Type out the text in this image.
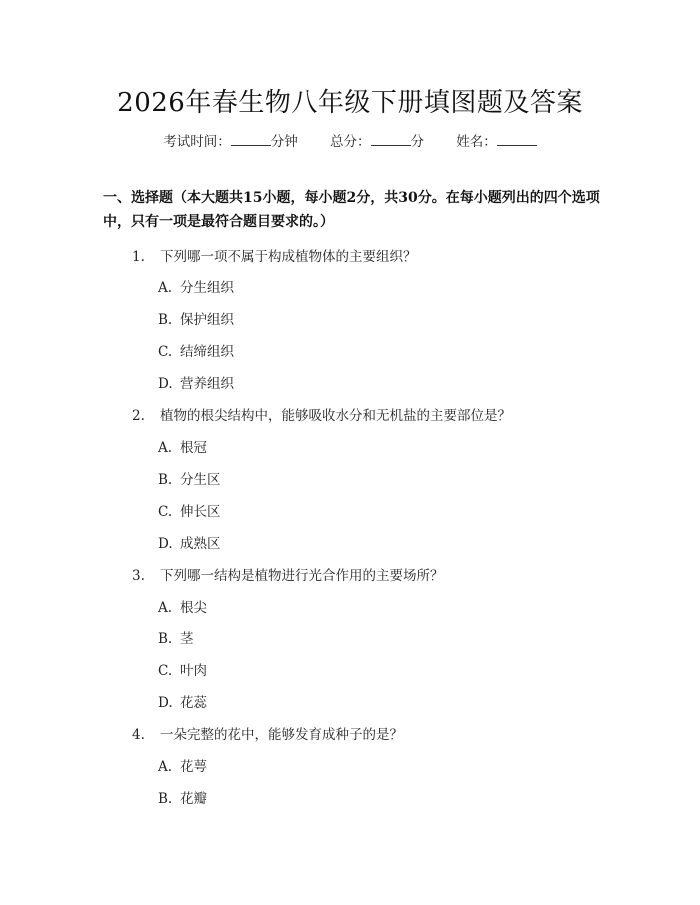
2026年春生物八年级下册填图题及答案
考试时间：	分钟 总分：	分 姓名：
一、选择题（本大题共15小题，每小题2分，共30分。在每小题列出的四个选项中，只有一项是最符合题目要求的。）
1. 下列哪一项不属于构成植物体的主要组织？
A. 分生组织
B. 保护组织
C. 结缔组织
D. 营养组织
2. 植物的根尖结构中，能够吸收水分和无机盐的主要部位是？
A. 根冠
B. 分生区
C. 伸长区
D. 成熟区
3. 下列哪一结构是植物进行光合作用的主要场所？
A. 根尖
B. 茎
C. 叶肉
D. 花蕊
4. 一朵完整的花中，能够发育成种子的是？
A. 花萼
B. 花瓣
